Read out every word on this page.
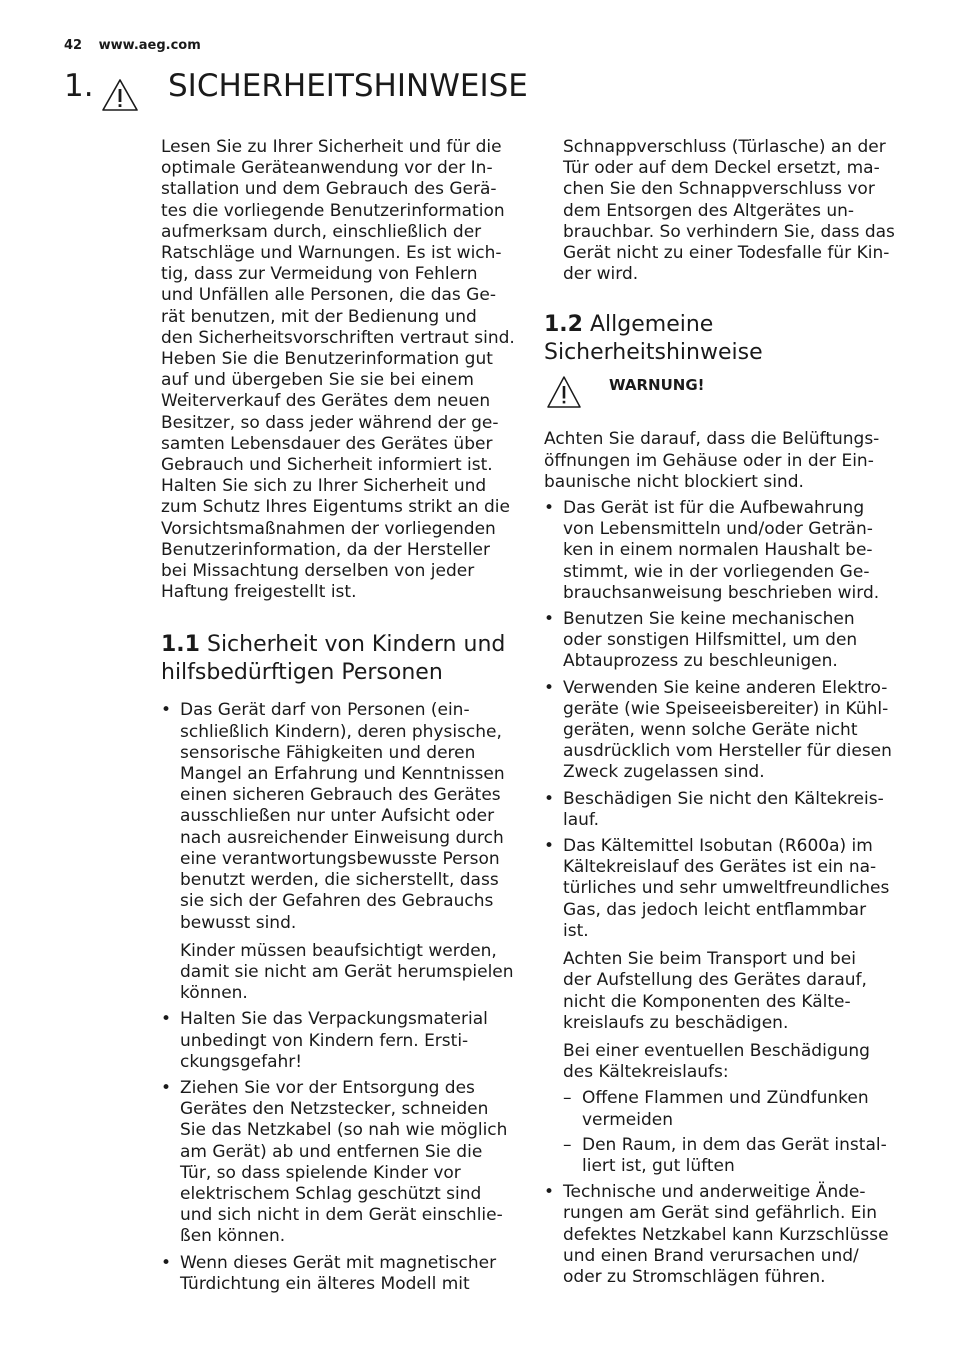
42 www.aeg.com
1. SICHERHEITSHINWEISE

Lesen Sie zu Ihrer Sicherheit und für die
optimale Geräteanwendung vor der In-
stallation und dem Gebrauch des Gerä-
tes die vorliegende Benutzerinformation
aufmerksam durch, einschließlich der
Ratschläge und Warnungen. Es ist wich-
tig, dass zur Vermeidung von Fehlern
und Unfällen alle Personen, die das Ge-
rät benutzen, mit der Bedienung und
den Sicherheitsvorschriften vertraut sind.
Heben Sie die Benutzerinformation gut
auf und übergeben Sie sie bei einem
Weiterverkauf des Gerätes dem neuen
Besitzer, so dass jeder während der ge-
samten Lebensdauer des Gerätes über
Gebrauch und Sicherheit informiert ist.
Halten Sie sich zu Ihrer Sicherheit und
zum Schutz Ihres Eigentums strikt an die
Vorsichtsmaßnahmen der vorliegenden
Benutzerinformation, da der Hersteller
bei Missachtung derselben von jeder
Haftung freigestellt ist.

1.1 Sicherheit von Kindern und
hilfsbedürftigen Personen
• Das Gerät darf von Personen (ein-
schließlich Kindern), deren physische,
sensorische Fähigkeiten und deren
Mangel an Erfahrung und Kenntnissen
einen sicheren Gebrauch des Gerätes
ausschließen nur unter Aufsicht oder
nach ausreichender Einweisung durch
eine verantwortungsbewusste Person
benutzt werden, die sicherstellt, dass
sie sich der Gefahren des Gebrauchs
bewusst sind.
Kinder müssen beaufsichtigt werden,
damit sie nicht am Gerät herumspielen
können.
• Halten Sie das Verpackungsmaterial
unbedingt von Kindern fern. Ersti-
ckungsgefahr!
• Ziehen Sie vor der Entsorgung des
Gerätes den Netzstecker, schneiden
Sie das Netzkabel (so nah wie möglich
am Gerät) ab und entfernen Sie die
Tür, so dass spielende Kinder vor
elektrischem Schlag geschützt sind
und sich nicht in dem Gerät einschlie-
ßen können.
• Wenn dieses Gerät mit magnetischer
Türdichtung ein älteres Modell mit
Schnappverschluss (Türlasche) an der
Tür oder auf dem Deckel ersetzt, ma-
chen Sie den Schnappverschluss vor
dem Entsorgen des Altgerätes un-
brauchbar. So verhindern Sie, dass das
Gerät nicht zu einer Todesfalle für Kin-
der wird.
1.2 Allgemeine
Sicherheitshinweise
WARNUNG!

Achten Sie darauf, dass die Belüftungs-
öffnungen im Gehäuse oder in der Ein-
baunische nicht blockiert sind.

• Das Gerät ist für die Aufbewahrung
von Lebensmitteln und/oder Geträn-
ken in einem normalen Haushalt be-
stimmt, wie in der vorliegenden Ge-
brauchsanweisung beschrieben wird.
• Benutzen Sie keine mechanischen
oder sonstigen Hilfsmittel, um den
Abtauprozess zu beschleunigen.
• Verwenden Sie keine anderen Elektro-
geräte (wie Speiseeisbereiter) in Kühl-
geräten, wenn solche Geräte nicht
ausdrücklich vom Hersteller für diesen
Zweck zugelassen sind.
• Beschädigen Sie nicht den Kältekreis-
lauf.
• Das Kältemittel Isobutan (R600a) im
Kältekreislauf des Gerätes ist ein na-
türliches und sehr umweltfreundliches
Gas, das jedoch leicht entflammbar
ist.
Achten Sie beim Transport und bei
der Aufstellung des Gerätes darauf,
nicht die Komponenten des Kälte-
kreislaufs zu beschädigen.
Bei einer eventuellen Beschädigung
des Kältekreislaufs:
– Offene Flammen und Zündfunken
vermeiden
– Den Raum, in dem das Gerät instal-
liert ist, gut lüften
• Technische und anderweitige Ände-
rungen am Gerät sind gefährlich. Ein
defektes Netzkabel kann Kurzschlüsse
und einen Brand verursachen und/
oder zu Stromschlägen führen.
